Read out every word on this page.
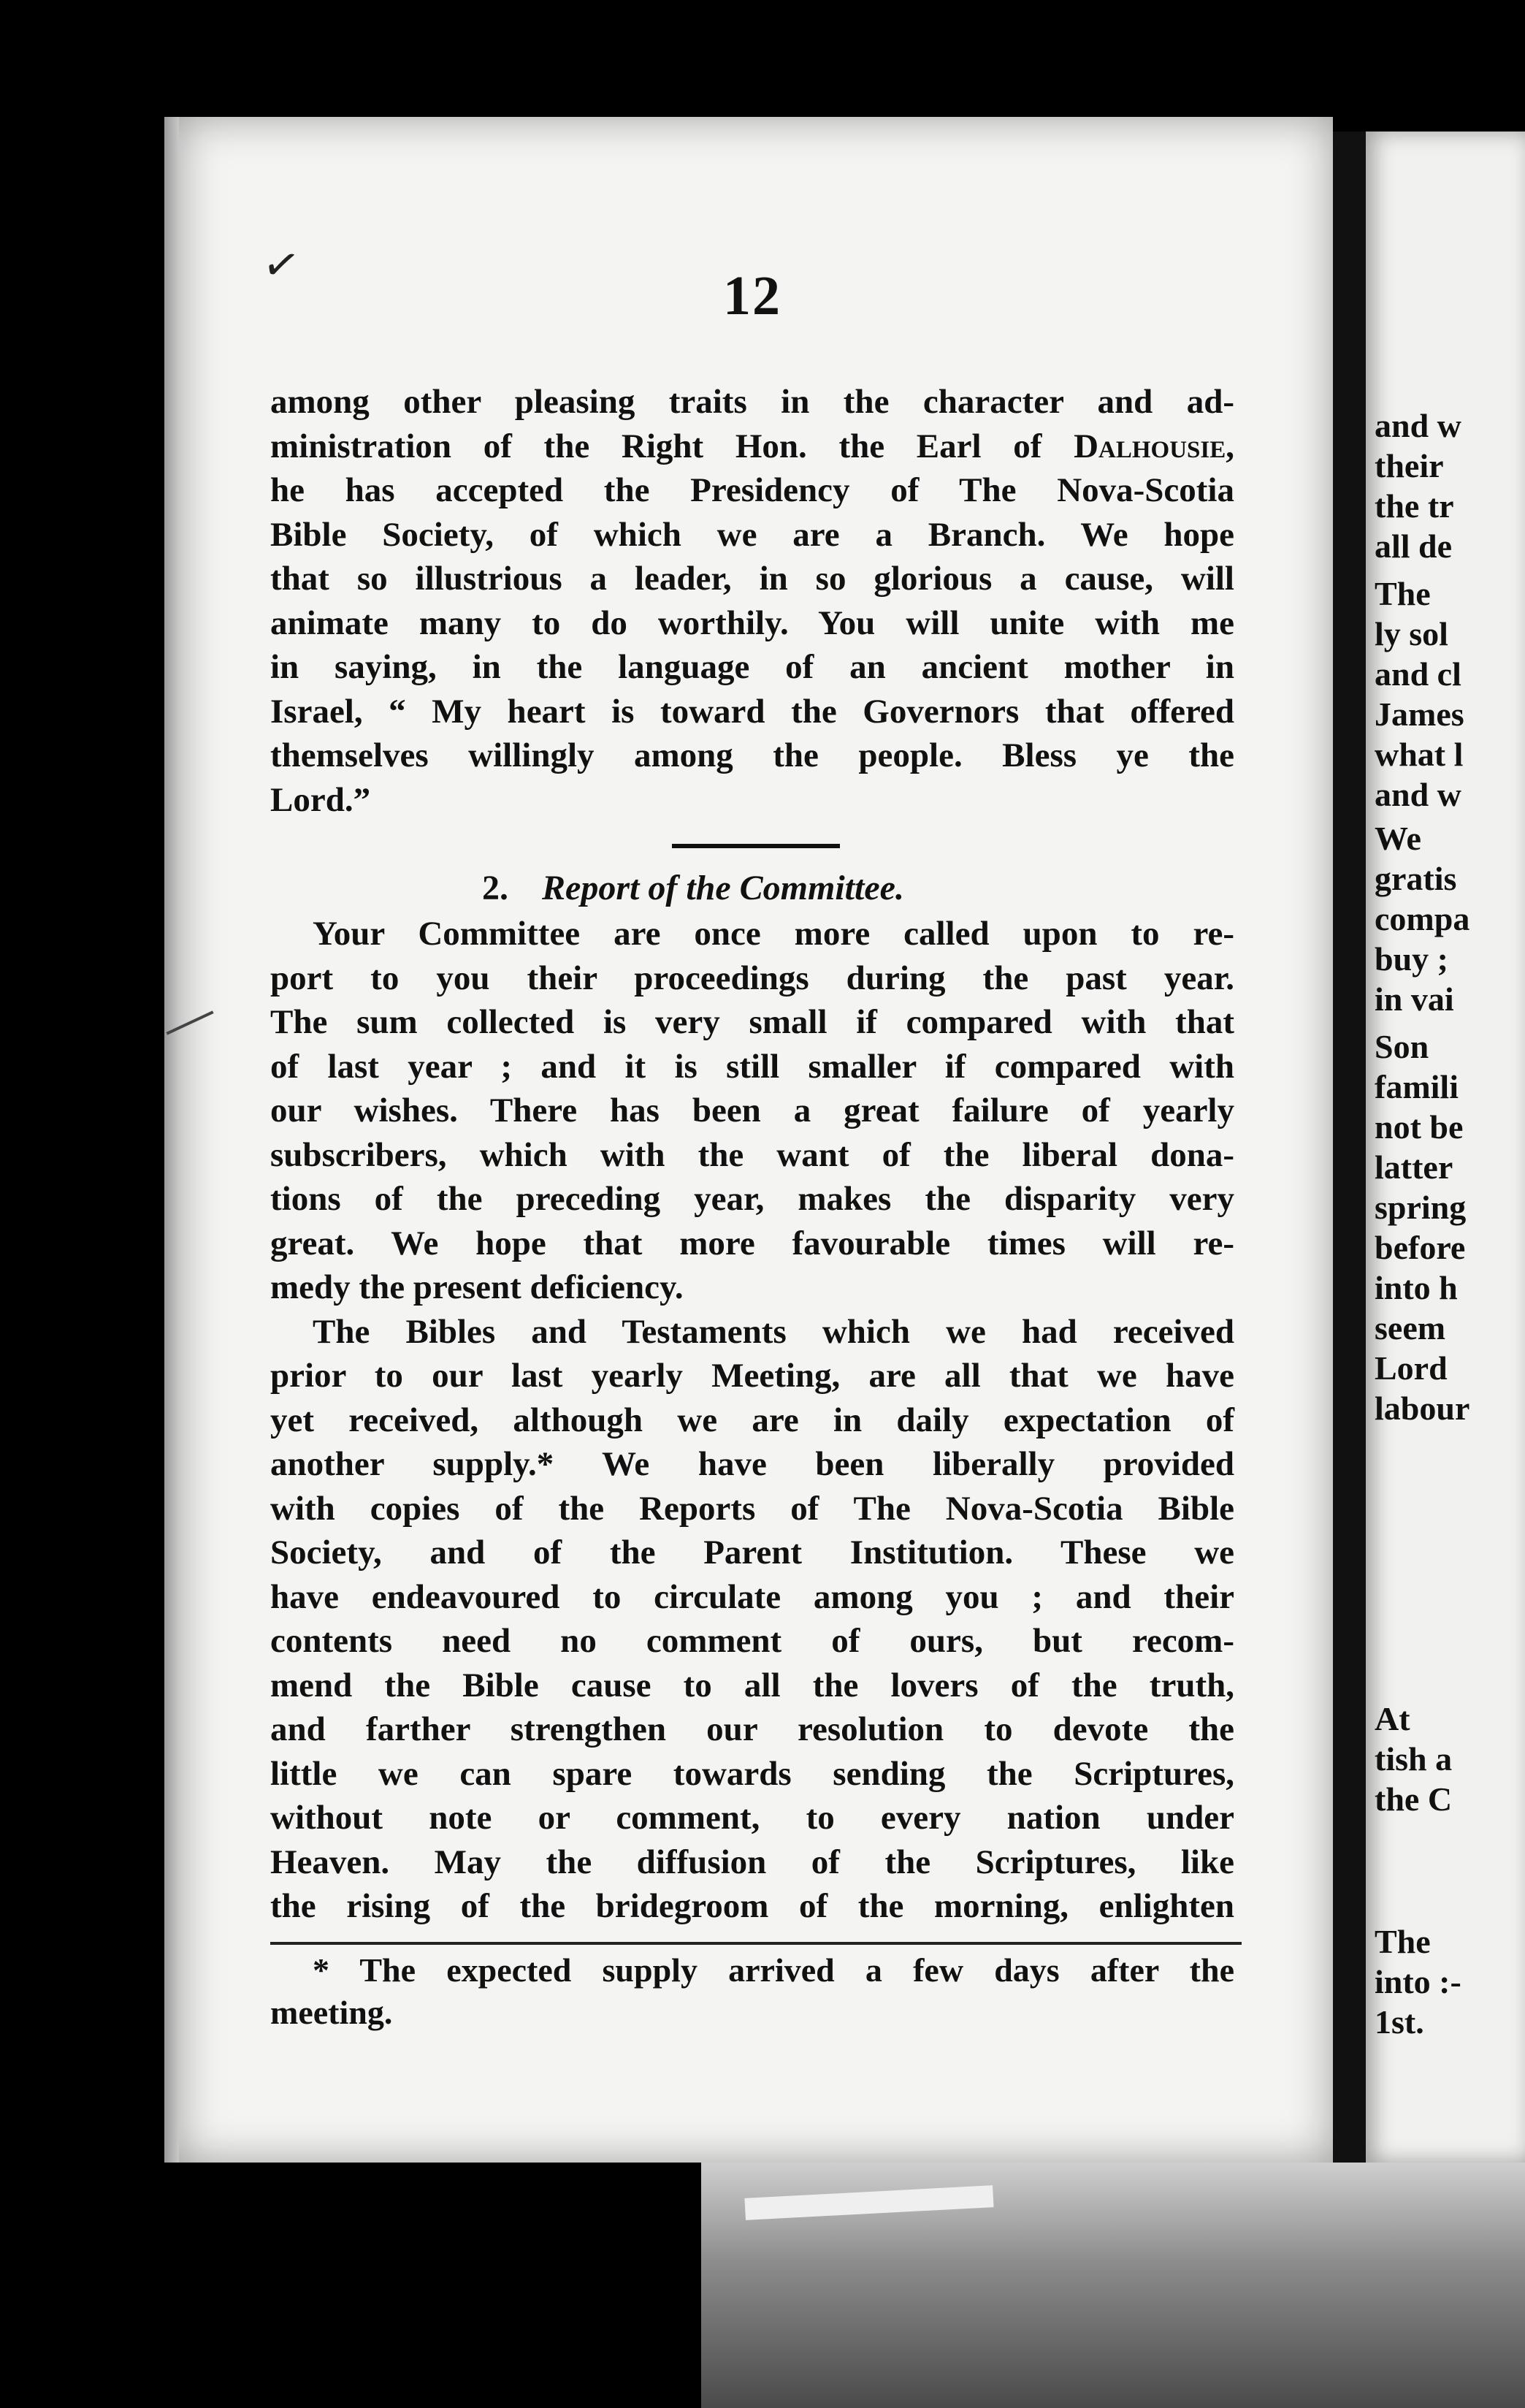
and w
their
the tr
all de
The
ly sol
and cl
James
what l
and w
We
gratis
compa
buy ;
in vai
Son
famili
not be
latter
spring
before
into h
seem
Lord
labour
At
tish a
the C
The
into :-
1st.
✓	12
among other pleasing traits in the character and ad-
ministration of the Right Hon. the Earl of Dalhousie,
he has accepted the Presidency of The Nova-Scotia
Bible Society, of which we are a Branch. We hope
that so illustrious a leader, in so glorious a cause, will
animate many to do worthily. You will unite with me
in saying, in the language of an ancient mother in
Israel, “ My heart is toward the Governors that offered
themselves willingly among the people. Bless ye the
Lord.”
2. Report of the Committee.
Your Committee are once more called upon to re-
port to you their proceedings during the past year.
The sum collected is very small if compared with that
of last year ; and it is still smaller if compared with
our wishes. There has been a great failure of yearly
subscribers, which with the want of the liberal dona-
tions of the preceding year, makes the disparity very
great. We hope that more favourable times will re-
medy the present deficiency.
The Bibles and Testaments which we had received
prior to our last yearly Meeting, are all that we have
yet received, although we are in daily expectation of
another supply.* We have been liberally provided
with copies of the Reports of The Nova-Scotia Bible
Society, and of the Parent Institution. These we
have endeavoured to circulate among you ; and their
contents need no comment of ours, but recom-
mend the Bible cause to all the lovers of the truth,
and farther strengthen our resolution to devote the
little we can spare towards sending the Scriptures,
without note or comment, to every nation under
Heaven. May the diffusion of the Scriptures, like
the rising of the bridegroom of the morning, enlighten
* The expected supply arrived a few days after the
meeting.
